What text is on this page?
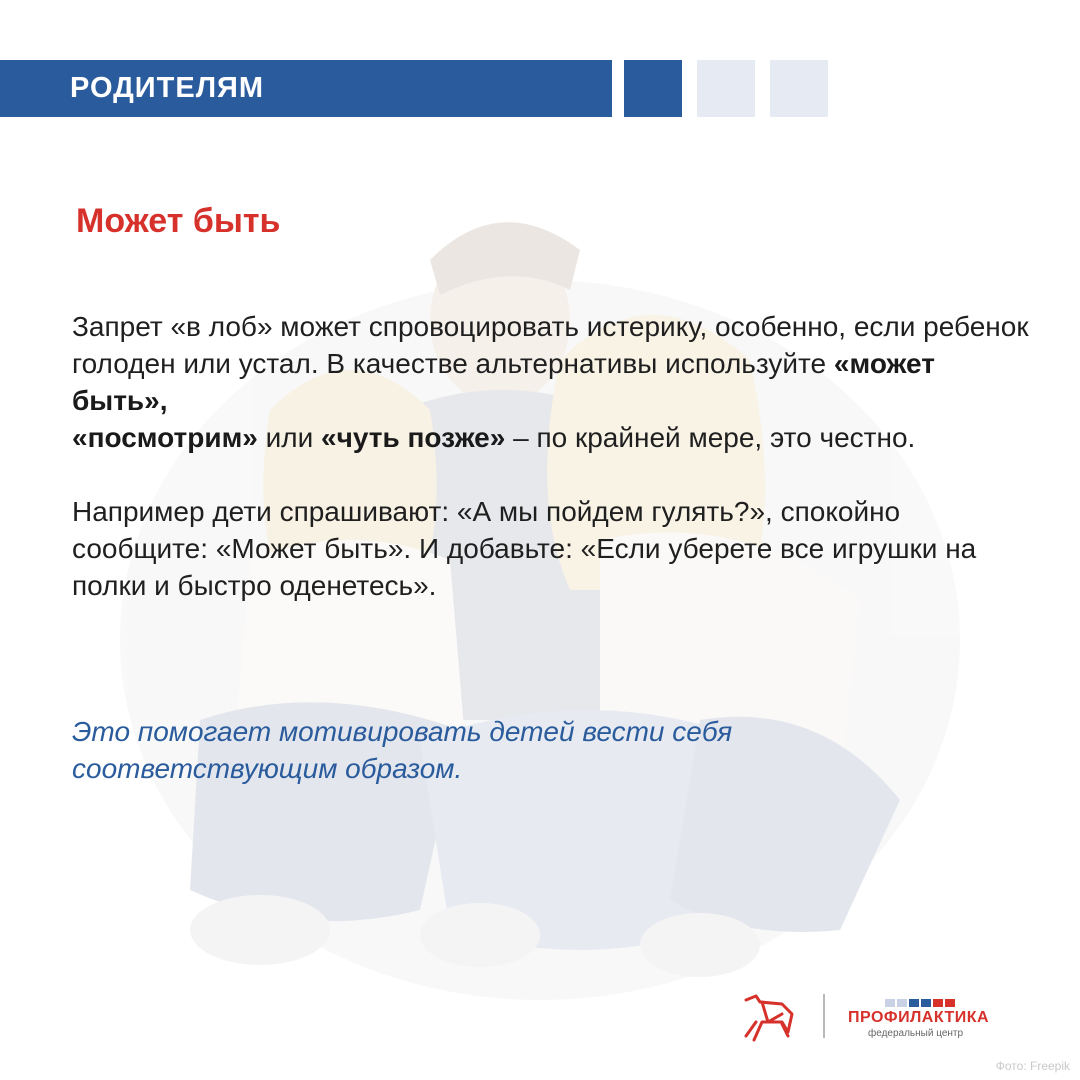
РОДИТЕЛЯМ
Может быть

Запрет «в лоб» может спровоцировать истерику, особенно, если ребенок голоден или устал. В качестве альтернативы используйте «может быть»,
«посмотрим» или «чуть позже» – по крайней мере, это честно.

Например дети спрашивают: «А мы пойдем гулять?», спокойно сообщите: «Может быть». И добавьте: «Если уберете все игрушки на полки и быстро оденетесь».

Это помогает мотивировать детей вести себя соответствующим образом.

ПРОФИЛАКТИКА
федеральный центр
Фото: Freepik
